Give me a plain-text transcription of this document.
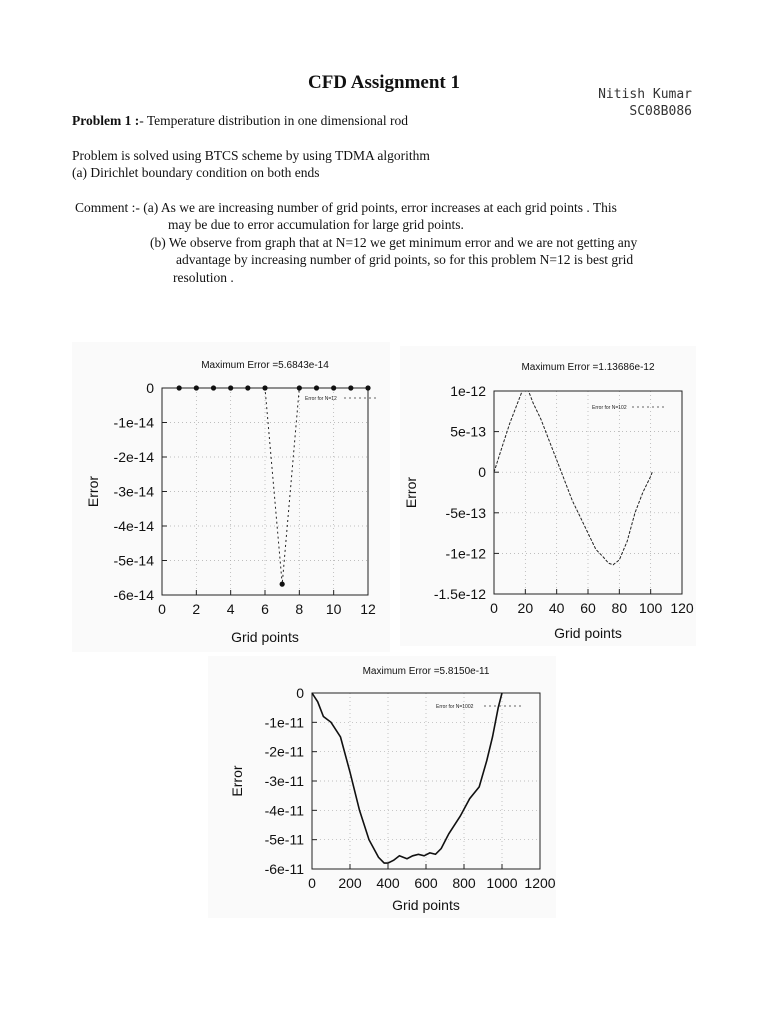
CFD Assignment 1
Nitish Kumar
SC08B086
Problem 1 :- Temperature distribution in one dimensional rod
Problem is solved using BTCS scheme by using TDMA algorithm
(a) Dirichlet boundary condition on both ends
Comment :- (a) As we are increasing number of grid points, error increases at each grid points . This
may be due to error accumulation for large grid points.
(b) We observe from graph that at N=12 we get minimum error and we are not getting any
advantage by increasing number of grid points, so for this problem N=12 is best grid
resolution .
0 2 4 6 8 10 12
0
-1e-14
-2e-14
-3e-14
-4e-14
-5e-14
-6e-14
Maximum Error =5.6843e-14
Grid points
Error
Error for N=12
0 20 40 60 80 100 120
1e-12
5e-13
0
-5e-13
-1e-12
-1.5e-12
Maximum Error =1.13686e-12
Grid points
Error
Error for N=102
0 200 400 600 800 1000 1200
0
-1e-11
-2e-11
-3e-11
-4e-11
-5e-11
-6e-11
Maximum Error =5.8150e-11
Grid points
Error
Error for N=1002
